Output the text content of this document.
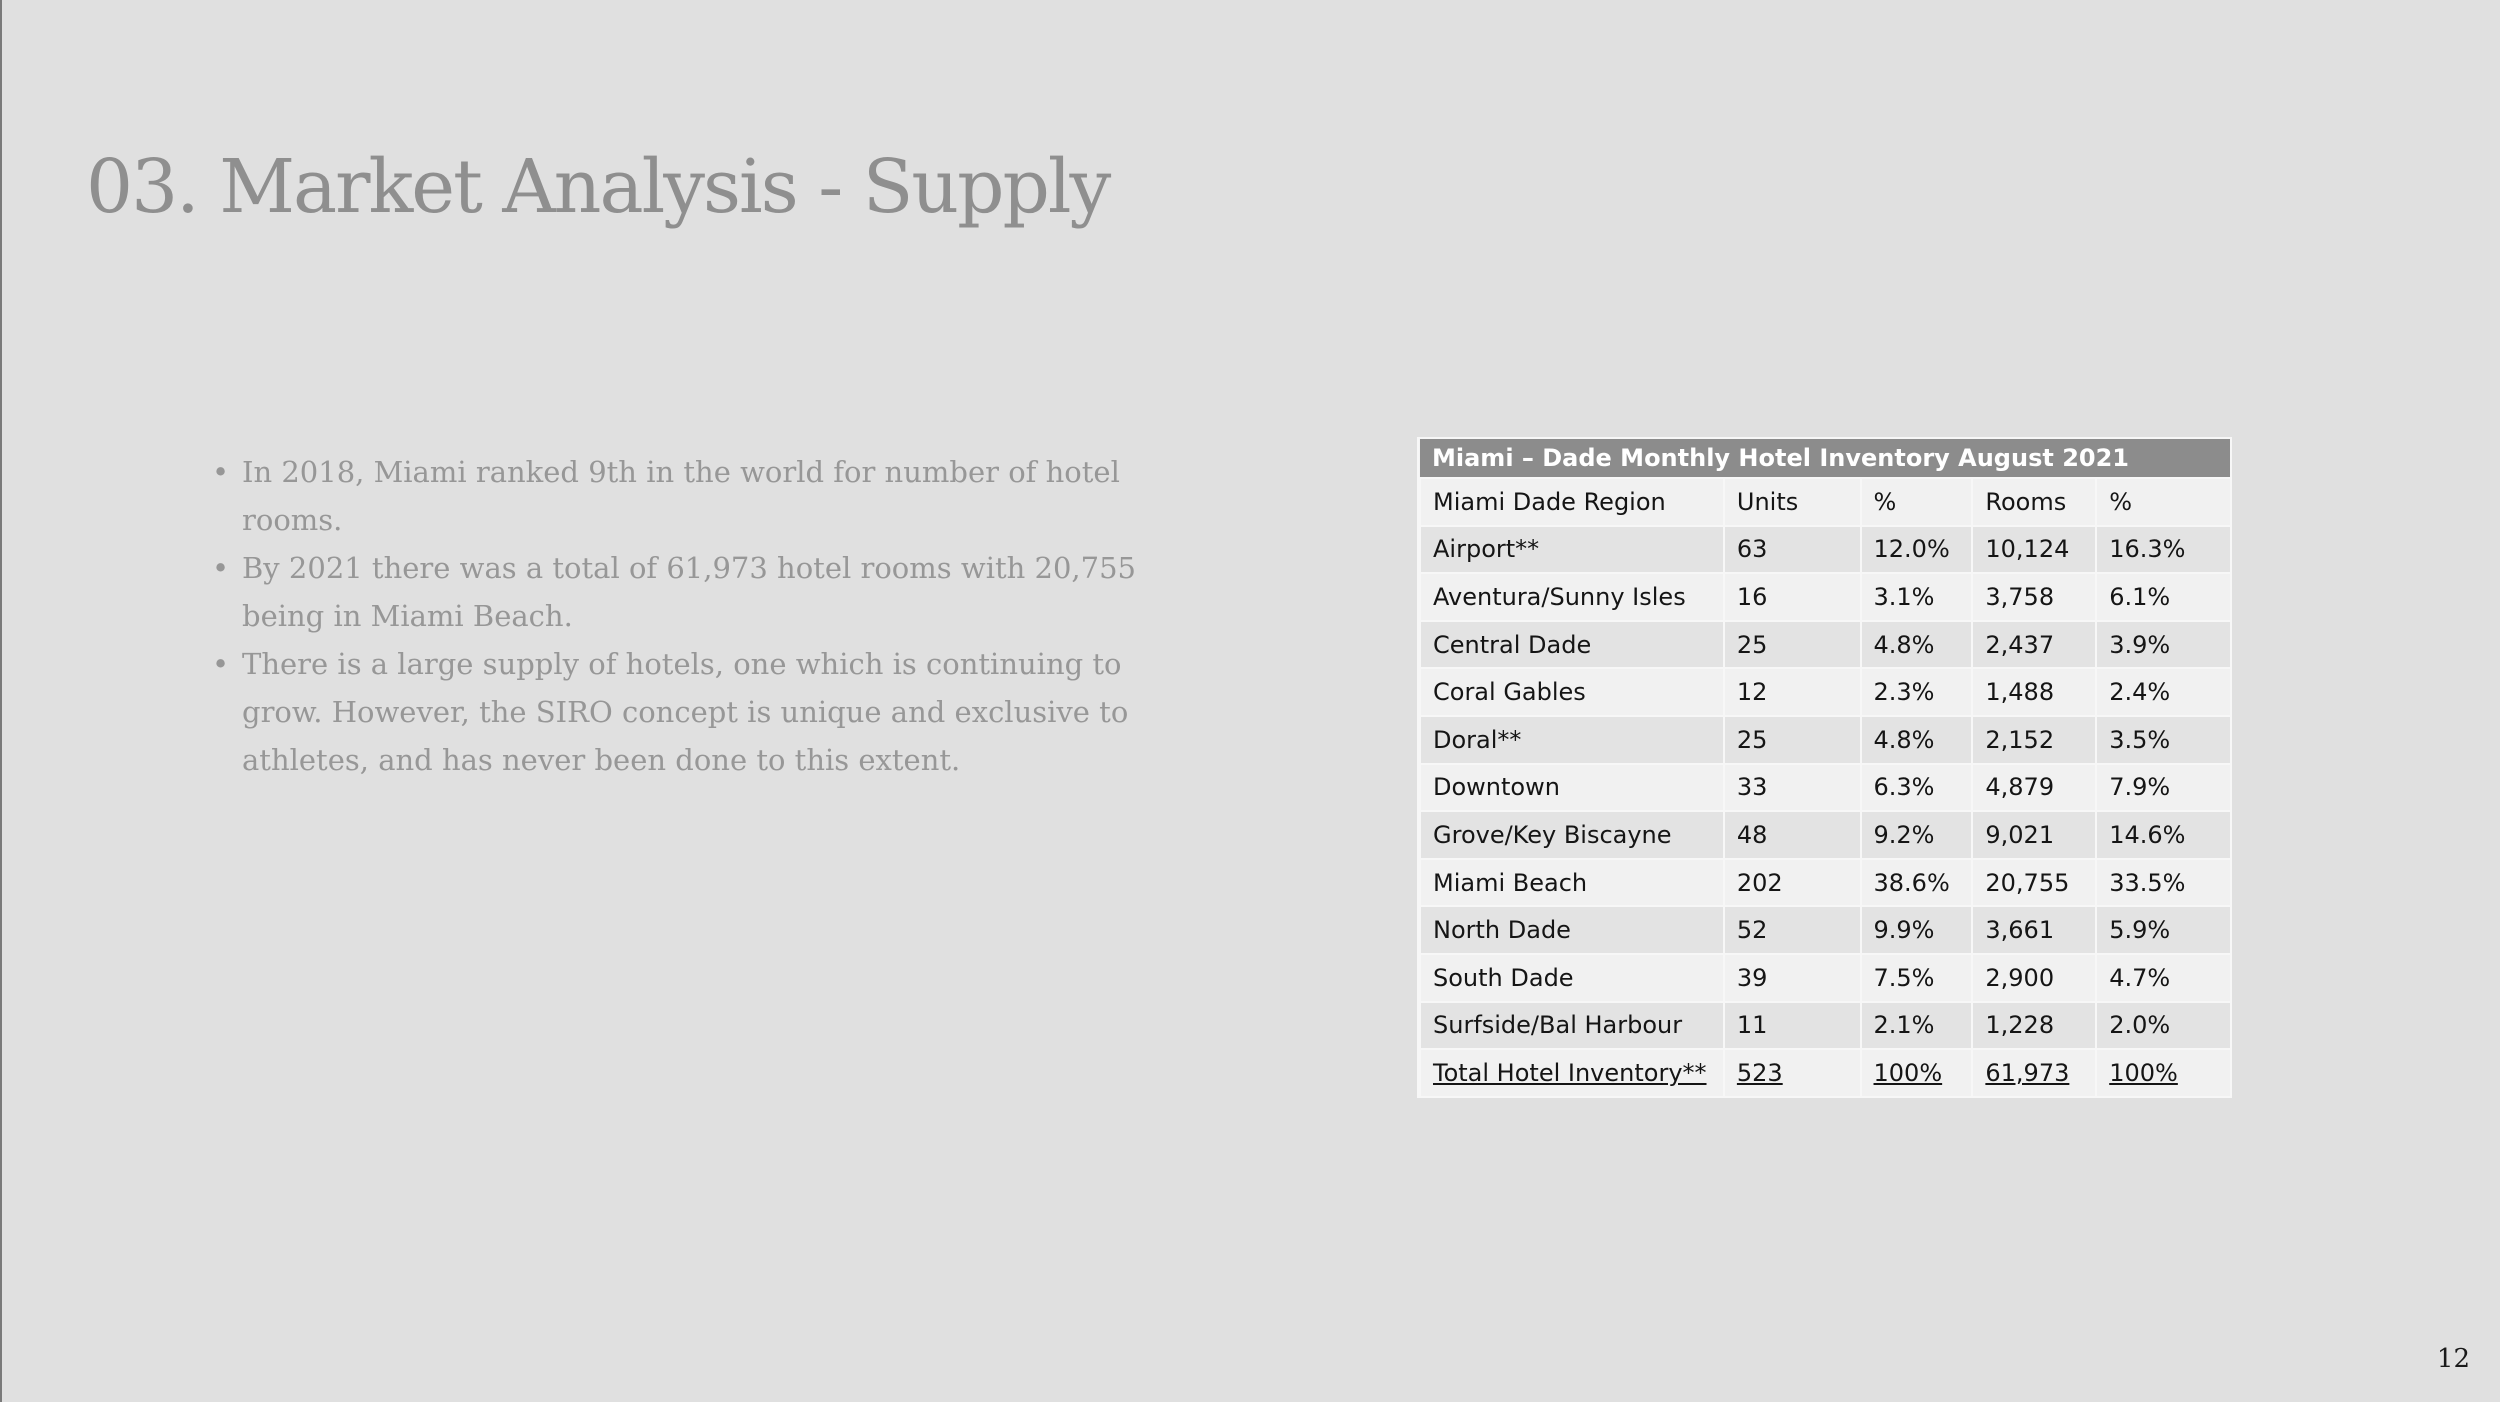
03. Market Analysis - Supply
• In 2018, Miami ranked 9th in the world for number of hotel rooms.
• By 2021 there was a total of 61,973 hotel rooms with 20,755 being in Miami Beach.
• There is a large supply of hotels, one which is continuing to grow. However, the SIRO concept is unique and exclusive to athletes, and has never been done to this extent.
Miami – Dade Monthly Hotel Inventory August 2021				
Miami Dade Region	Units	%	Rooms	%
Airport**	63	12.0%	10,124	16.3%
Aventura/Sunny Isles	16	3.1%	3,758	6.1%
Central Dade	25	4.8%	2,437	3.9%
Coral Gables	12	2.3%	1,488	2.4%
Doral**	25	4.8%	2,152	3.5%
Downtown	33	6.3%	4,879	7.9%
Grove/Key Biscayne	48	9.2%	9,021	14.6%
Miami Beach	202	38.6%	20,755	33.5%
North Dade	52	9.9%	3,661	5.9%
South Dade	39	7.5%	2,900	4.7%
Surfside/Bal Harbour	11	2.1%	1,228	2.0%
Total Hotel Inventory**	523	100%	61,973	100%
12
